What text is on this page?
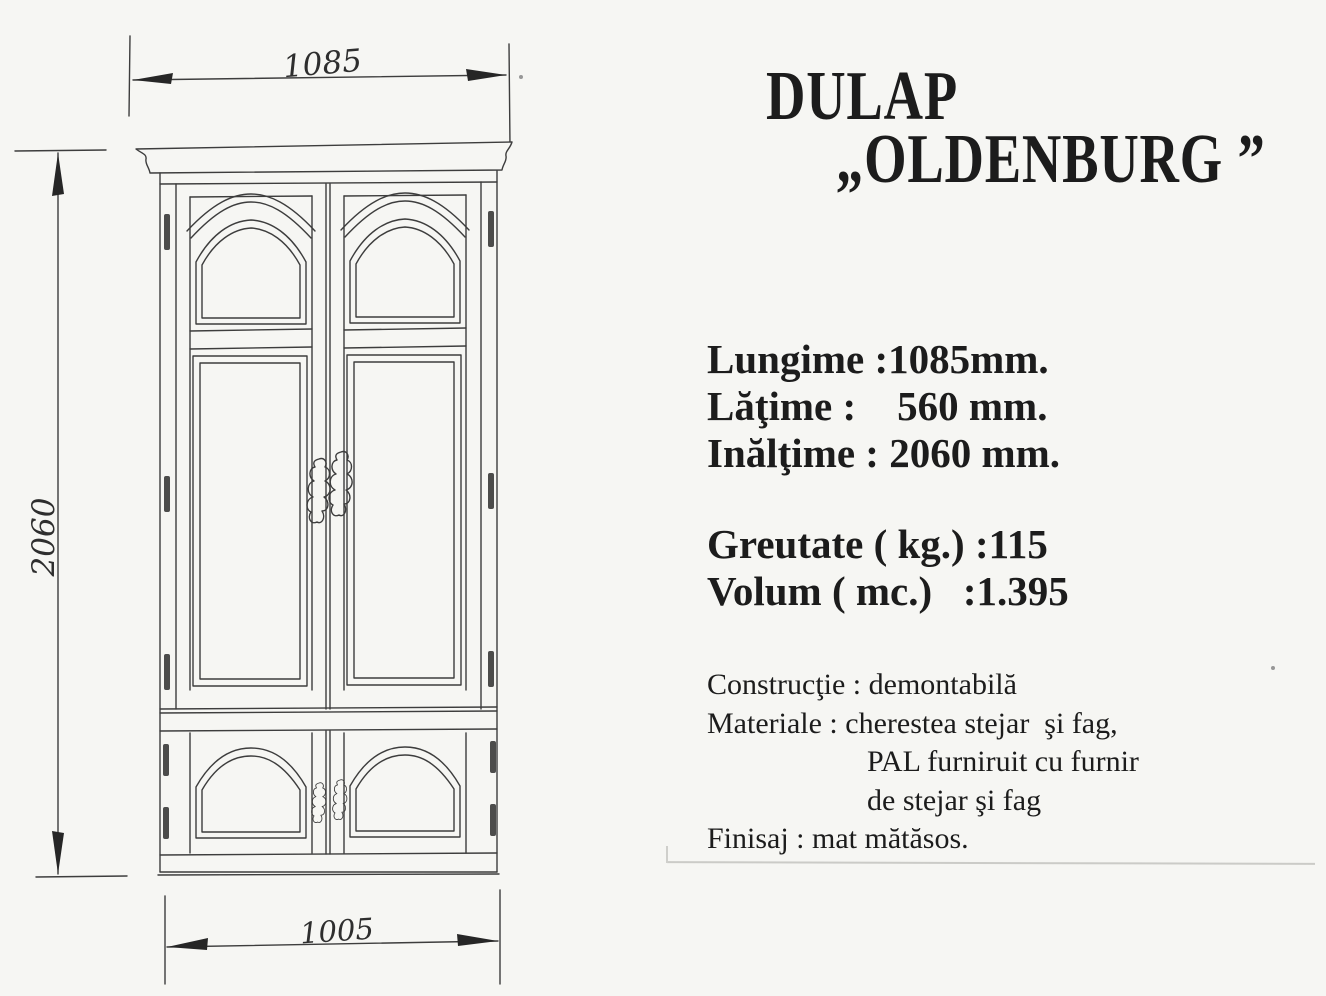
1085
2060
1005
DULAP
„OLDENBURG ”
Lungime :1085mm.
Lăţime :    560 mm.
Inălţime : 2060 mm.
Greutate ( kg.) :115
Volum ( mc.)   :1.395
Construcţie : demontabilă
Materiale : cherestea stejar  şi fag,
PAL furniruit cu furnir
de stejar şi fag
Finisaj : mat mătăsos.
